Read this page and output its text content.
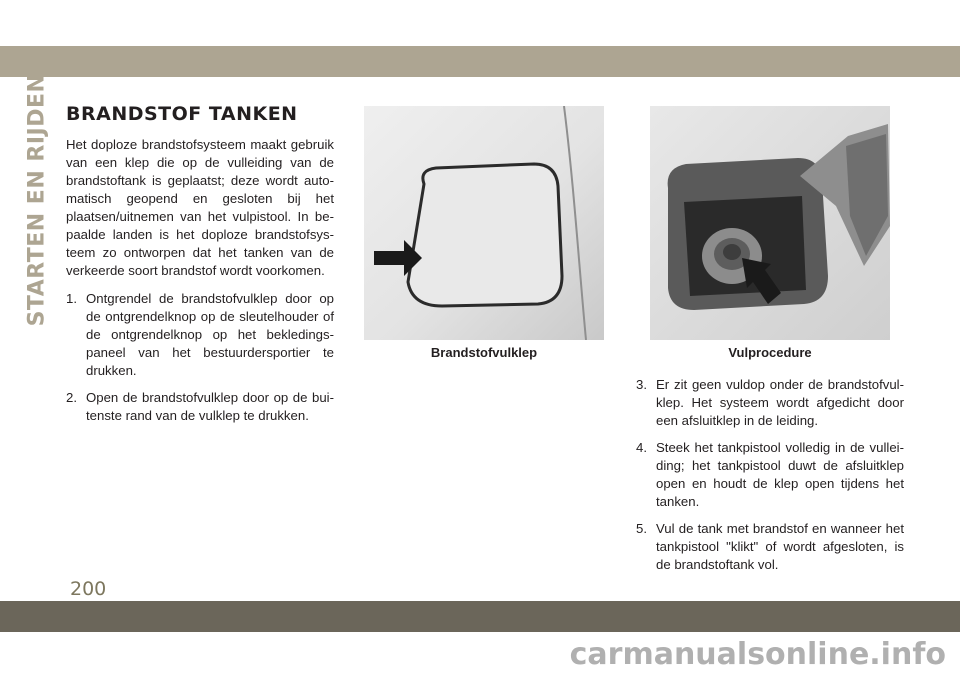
STARTEN EN RIJDEN BRANDSTOF TANKEN

Het doploze brandstofsysteem maakt gebruik van een klep die op de vulleiding van de brandstoftank is geplaatst; deze wordt auto- matisch geopend en gesloten bij het plaatsen/uitnemen van het vulpistool. In be- paalde landen is het doploze brandstofsys- teem zo ontworpen dat het tanken van de verkeerde soort brandstof wordt voorkomen.

1. Ontgrendel de brandstofvulklep door op de ontgrendelknop op de sleutelhouder of de ontgrendelknop op het bekledings- paneel van het bestuurdersportier te drukken.
2. Open de brandstofvulklep door op de bui- tenste rand van de vulklep te drukken.
Brandstofvulklep	Vulprocedure
3. Er zit geen vuldop onder de brandstofvul- klep. Het systeem wordt afgedicht door een afsluitklep in de leiding.
4. Steek het tankpistool volledig in de vullei- ding; het tankpistool duwt de afsluitklep open en houdt de klep open tijdens het tanken.
5. Vul de tank met brandstof en wanneer het tankpistool "klikt" of wordt afgesloten, is de brandstoftank vol.
200
carmanualsonline.info
